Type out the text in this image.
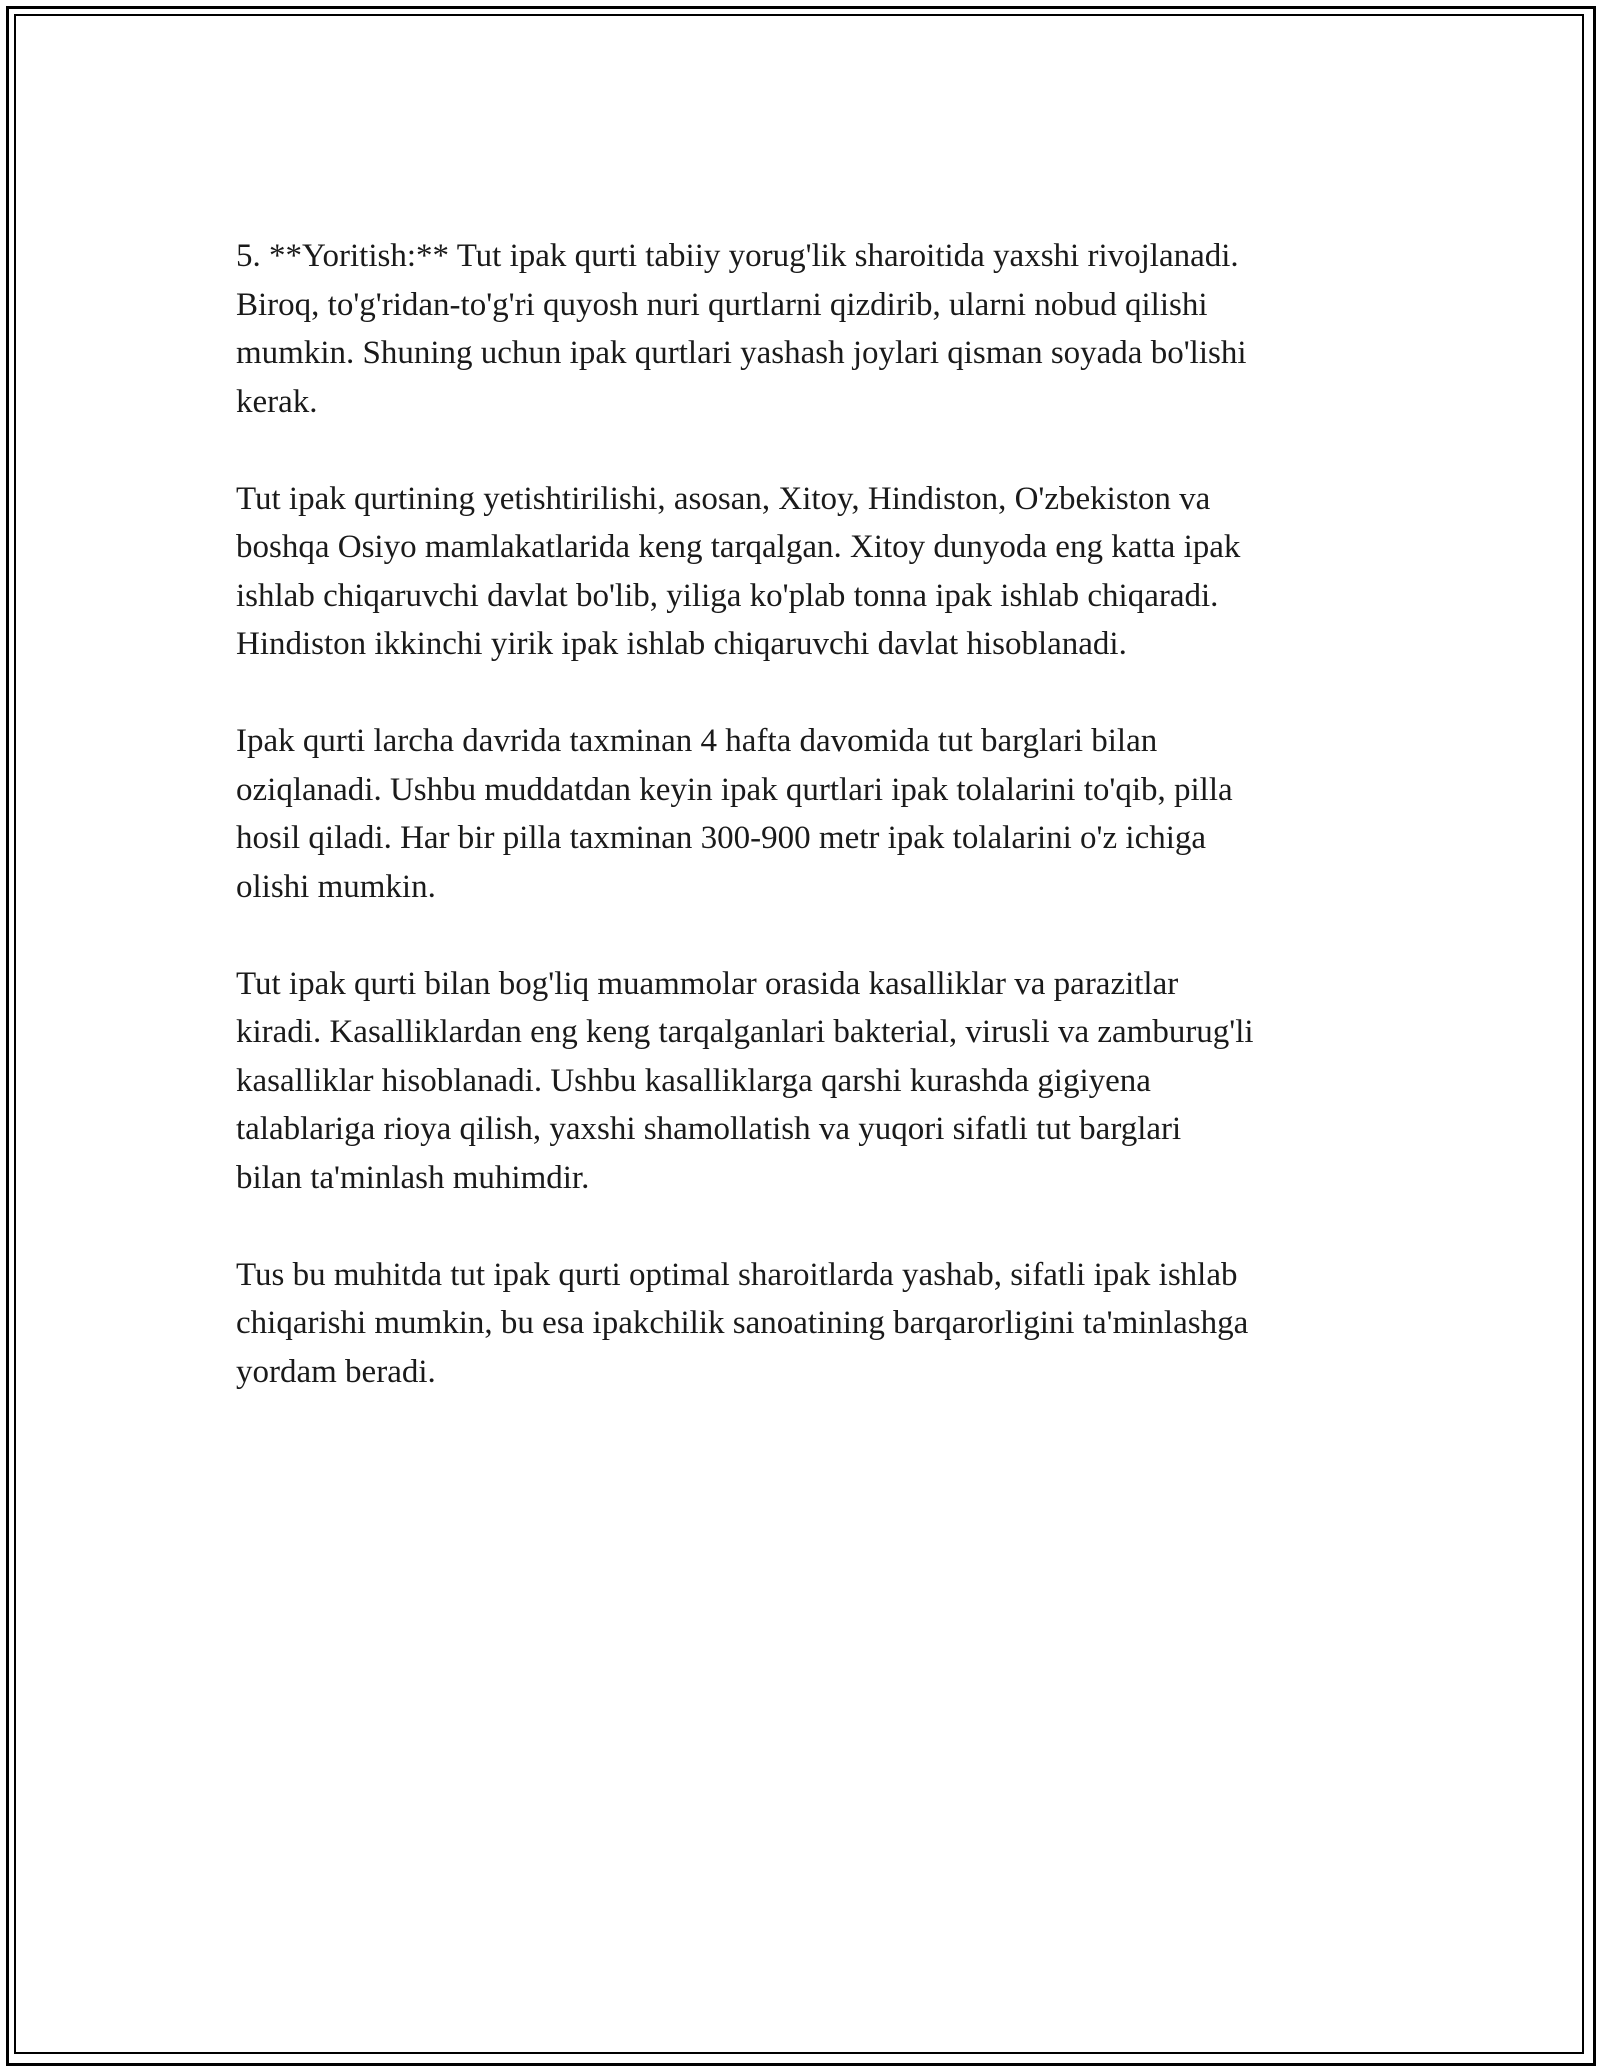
5. **Yoritish:** Tut ipak qurti tabiiy yorug'lik sharoitida yaxshi rivojlanadi.
Biroq, to'g'ridan-to'g'ri quyosh nuri qurtlarni qizdirib, ularni nobud qilishi
mumkin. Shuning uchun ipak qurtlari yashash joylari qisman soyada bo'lishi
kerak.

Tut ipak qurtining yetishtirilishi, asosan, Xitoy, Hindiston, O'zbekiston va
boshqa Osiyo mamlakatlarida keng tarqalgan. Xitoy dunyoda eng katta ipak
ishlab chiqaruvchi davlat bo'lib, yiliga ko'plab tonna ipak ishlab chiqaradi.
Hindiston ikkinchi yirik ipak ishlab chiqaruvchi davlat hisoblanadi.

Ipak qurti larcha davrida taxminan 4 hafta davomida tut barglari bilan
oziqlanadi. Ushbu muddatdan keyin ipak qurtlari ipak tolalarini to'qib, pilla
hosil qiladi. Har bir pilla taxminan 300-900 metr ipak tolalarini o'z ichiga
olishi mumkin.

Tut ipak qurti bilan bog'liq muammolar orasida kasalliklar va parazitlar
kiradi. Kasalliklardan eng keng tarqalganlari bakterial, virusli va zamburug'li
kasalliklar hisoblanadi. Ushbu kasalliklarga qarshi kurashda gigiyena
talablariga rioya qilish, yaxshi shamollatish va yuqori sifatli tut barglari
bilan ta'minlash muhimdir.

Tus bu muhitda tut ipak qurti optimal sharoitlarda yashab, sifatli ipak ishlab
chiqarishi mumkin, bu esa ipakchilik sanoatining barqarorligini ta'minlashga
yordam beradi.
